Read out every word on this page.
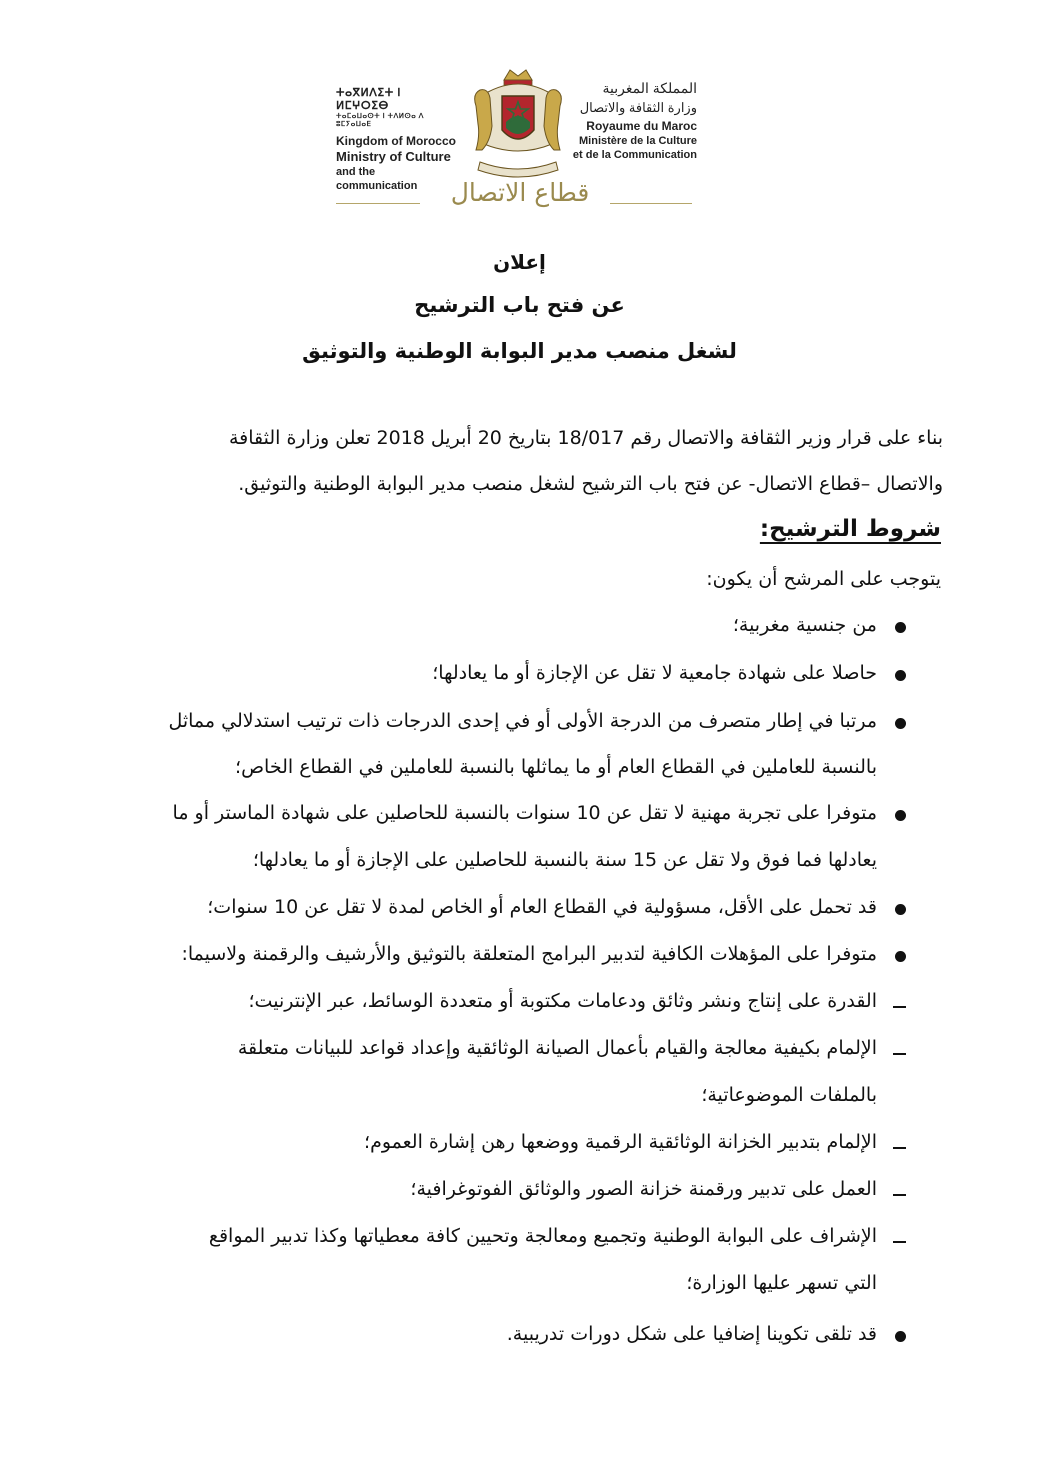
ⵜⴰⴳⵍⴷⵉⵜ ⵏ ⵍⵎⵖⵔⵉⴱ
ⵜⴰⵎⴰⵡⴰⵙⵜ ⵏ ⵜⴷⵍⵙⴰ ⴷ ⵓⵎⵢⴰⵡⴰⴹ
Kingdom of Morocco
Ministry of Culture
and the communication
المملكة المغربية
وزارة الثقافة والاتصال
Royaume du Maroc
Ministère de la Culture
et de la Communication
قطاع الاتصال
إعلان
عن فتح باب الترشيح
لشغل منصب مدير البوابة الوطنية والتوثيق
بناء على قرار وزير الثقافة والاتصال رقم 18/017 بتاريخ 20 أبريل 2018 تعلن وزارة الثقافة
والاتصال –قطاع الاتصال- عن فتح باب الترشيح لشغل منصب مدير البوابة الوطنية والتوثيق.
شروط الترشيح:
يتوجب على المرشح أن يكون:
من جنسية مغربية؛
حاصلا على شهادة جامعية لا تقل عن الإجازة أو ما يعادلها؛
مرتبا في إطار متصرف من الدرجة الأولى أو في إحدى الدرجات ذات ترتيب استدلالي مماثل
بالنسبة للعاملين في القطاع العام أو ما يماثلها بالنسبة للعاملين في القطاع الخاص؛
متوفرا على تجربة مهنية لا تقل عن 10 سنوات بالنسبة للحاصلين على شهادة الماستر أو ما
يعادلها فما فوق ولا تقل عن 15 سنة بالنسبة للحاصلين على الإجازة أو ما يعادلها؛
قد تحمل على الأقل، مسؤولية في القطاع العام أو الخاص لمدة لا تقل عن 10 سنوات؛
متوفرا على المؤهلات الكافية لتدبير البرامج المتعلقة بالتوثيق والأرشيف والرقمنة ولاسيما:
القدرة على إنتاج ونشر وثائق ودعامات مكتوبة أو متعددة الوسائط، عبر الإنترنيت؛
الإلمام بكيفية معالجة والقيام بأعمال الصيانة الوثائقية وإعداد قواعد للبيانات متعلقة
بالملفات الموضوعاتية؛
الإلمام بتدبير الخزانة الوثائقية الرقمية ووضعها رهن إشارة العموم؛
العمل على تدبير ورقمنة خزانة الصور والوثائق الفوتوغرافية؛
الإشراف على البوابة الوطنية وتجميع ومعالجة وتحيين كافة معطياتها وكذا تدبير المواقع
التي تسهر عليها الوزارة؛
قد تلقى تكوينا إضافيا على شكل دورات تدريبية.
